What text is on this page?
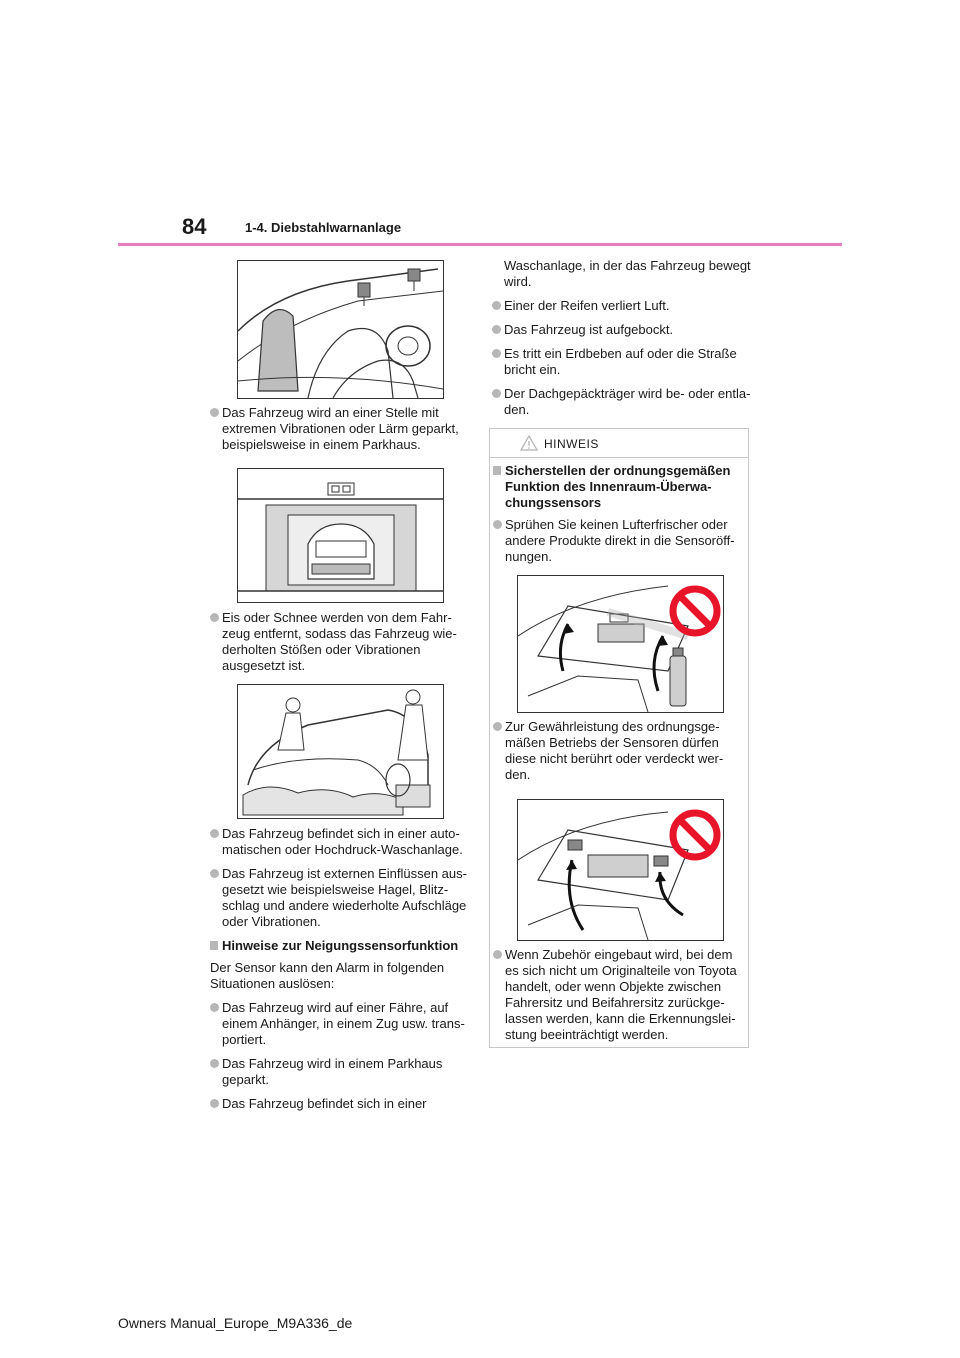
84	1-4. Diebstahlwarnanlage

Das Fahrzeug wird an einer Stelle mit extremen Vibrationen oder Lärm geparkt, beispielsweise in einem Parkhaus.

Eis oder Schnee werden von dem Fahr-zeug entfernt, sodass das Fahrzeug wie-derholten Stößen oder Vibrationen ausgesetzt ist.

Das Fahrzeug befindet sich in einer auto-matischen oder Hochdruck-Waschanlage.

Das Fahrzeug ist externen Einflüssen aus-gesetzt wie beispielsweise Hagel, Blitz-schlag und andere wiederholte Aufschläge oder Vibrationen.

Hinweise zur Neigungssensorfunktion

Der Sensor kann den Alarm in folgenden Situationen auslösen:

Das Fahrzeug wird auf einer Fähre, auf einem Anhänger, in einem Zug usw. trans-portiert.

Das Fahrzeug wird in einem Parkhaus geparkt.

Das Fahrzeug befindet sich in einer

Waschanlage, in der das Fahrzeug bewegt wird.

Einer der Reifen verliert Luft.

Das Fahrzeug ist aufgebockt.

Es tritt ein Erdbeben auf oder die Straße bricht ein.

Der Dachgepäckträger wird be- oder entla-den.

HINWEIS

Sicherstellen der ordnungsgemäßen Funktion des Innenraum-Überwa-chungssensors

Sprühen Sie keinen Lufterfrischer oder andere Produkte direkt in die Sensoröff-nungen.

Zur Gewährleistung des ordnungsge-mäßen Betriebs der Sensoren dürfen diese nicht berührt oder verdeckt wer-den.

Wenn Zubehör eingebaut wird, bei dem es sich nicht um Originalteile von Toyota handelt, oder wenn Objekte zwischen Fahrersitz und Beifahrersitz zurückge-lassen werden, kann die Erkennungslei-stung beeinträchtigt werden.

Owners Manual_Europe_M9A336_de
